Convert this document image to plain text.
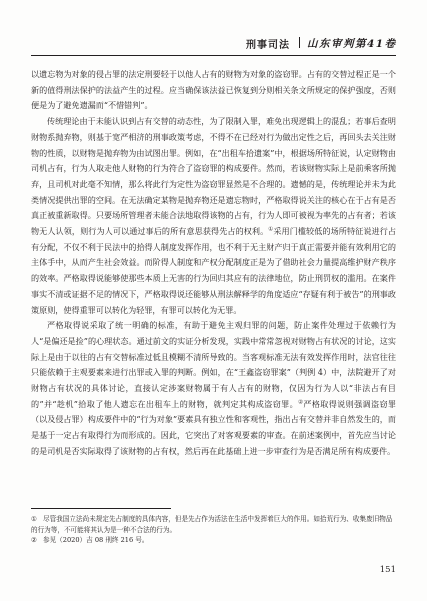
刑事司法 山东审判第41卷

以遗忘物为对象的侵占罪的法定刑要轻于以他人占有的财物为对象的盗窃罪。占有的交替过程正是一个新的值得刑法保护的法益产生的过程。应当确保该法益已恢复到分则相关条文所规定的保护强度，否则便是为了避免遗漏而“不惜错判”。

传统理论由于未能认识到占有交替的动态性，为了限制入罪，难免出现逻辑上的混乱；若事后查明财物系抛弃物，则基于宽严相济的刑事政策考虑，不得不在已经对行为做出定性之后，再回头去关注财物的性质，以财物是抛弃物为由试图出罪。例如，在“出租车拾遗案”中，根据场所特征说，认定财物由司机占有，行为人取走他人财物的行为符合了盗窃罪的构成要件。然而，若该财物实际上是前乘客所抛弃，且司机对此毫不知情，那么将此行为定性为盗窃罪显然是不合理的。遗憾的是，传统理论并未为此类情况提供出罪的空间。在无法确定某物是抛弃物还是遗忘物时，严格取得说关注的核心在于占有是否真正被重新取得。只要场所管理者未能合法地取得该物的占有，行为人即可被视为率先的占有者；若该物无人认领，则行为人可以通过事后的所有意思获得先占的权利。①采用门槛较低的场所特征说进行占有分配，不仅不利于民法中的拾得人制度发挥作用，也不利于无主财产归于真正需要并能有效利用它的主体手中，从而产生社会效益。而阶得人制度和产权分配制度正是为了借助社会力量提高维护财产秩序的效率。严格取得说能够使那些本质上无害的行为回归其应有的法律地位，防止刑罚权的滥用。在案件事实不清或证据不足的情况下，严格取得说还能够从刑法解释学的角度适应“存疑有利于被告”的刑事政策原则，使得重罪可以转化为轻罪，有罪可以转化为无罪。

严格取得说采取了统一明确的标准，有助于避免主观归罪的问题，防止案件处理过于依赖行为人“是偏还是捡”的心理状态。通过前文的实证分析发现，实践中常常忽视对财物占有状况的讨论，这实际上是由于以往的占有交替标准过低且模糊不清所导致的。当客观标准无法有效发挥作用时，法官往往只能依赖于主观要素来进行出罪或入罪的判断。例如，在“王鑫盗窃罪案”（判例 4）中，法院避开了对财物占有状况的具体讨论，直接认定涉案财物属于有人占有的财物，仅因为行为人以“非法占有目的”并“趁机”拾取了他人遗忘在出租车上的财物，就判定其构成盗窃罪。②严格取得说则强调盗窃罪（以及侵占罪）构成要件中的“行为对象”要素具有独立性和客观性，指出占有交替并非自然发生的，而是基于一定占有取得行为而形成的。因此，它突出了对客观要素的审查。在前述案例中，首先应当讨论的是司机是否实际取得了该财物的占有权，然后再在此基础上进一步审查行为是否满足所有构成要件。

① 尽管我国立法尚未规定先占制度的具体内容，但是先占作为活法在生活中发挥着巨大的作用。如拾荒行为、收集废旧物品的行为等，不可能将其认为是一种不合法的行为。
② 参见（2020）吉 08 刑终 216 号。
151
